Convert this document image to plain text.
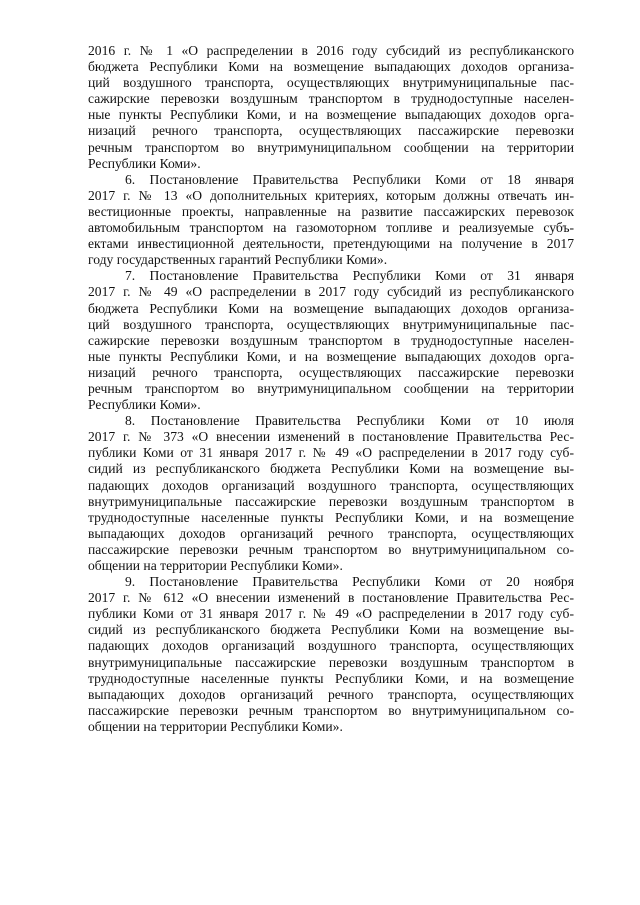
2016 г. № 1 «О распределении в 2016 году субсидий из республиканского
бюджета Республики Коми на возмещение выпадающих доходов организа-
ций воздушного транспорта, осуществляющих внутримуниципальные пас-
сажирские перевозки воздушным транспортом в труднодоступные населен-
ные пункты Республики Коми, и на возмещение выпадающих доходов орга-
низаций речного транспорта, осуществляющих пассажирские перевозки
речным транспортом во внутримуниципальном сообщении на территории
Республики Коми».
6. Постановление Правительства Республики Коми от 18 января
2017 г. № 13 «О дополнительных критериях, которым должны отвечать ин-
вестиционные проекты, направленные на развитие пассажирских перевозок
автомобильным транспортом на газомоторном топливе и реализуемые субъ-
ектами инвестиционной деятельности, претендующими на получение в 2017
году государственных гарантий Республики Коми».
7. Постановление Правительства Республики Коми от 31 января
2017 г. № 49 «О распределении в 2017 году субсидий из республиканского
бюджета Республики Коми на возмещение выпадающих доходов организа-
ций воздушного транспорта, осуществляющих внутримуниципальные пас-
сажирские перевозки воздушным транспортом в труднодоступные населен-
ные пункты Республики Коми, и на возмещение выпадающих доходов орга-
низаций речного транспорта, осуществляющих пассажирские перевозки
речным транспортом во внутримуниципальном сообщении на территории
Республики Коми».
8. Постановление Правительства Республики Коми от 10 июля
2017 г. № 373 «О внесении изменений в постановление Правительства Рес-
публики Коми от 31 января 2017 г. № 49 «О распределении в 2017 году суб-
сидий из республиканского бюджета Республики Коми на возмещение вы-
падающих доходов организаций воздушного транспорта, осуществляющих
внутримуниципальные пассажирские перевозки воздушным транспортом в
труднодоступные населенные пункты Республики Коми, и на возмещение
выпадающих доходов организаций речного транспорта, осуществляющих
пассажирские перевозки речным транспортом во внутримуниципальном со-
общении на территории Республики Коми».
9. Постановление Правительства Республики Коми от 20 ноября
2017 г. № 612 «О внесении изменений в постановление Правительства Рес-
публики Коми от 31 января 2017 г. № 49 «О распределении в 2017 году суб-
сидий из республиканского бюджета Республики Коми на возмещение вы-
падающих доходов организаций воздушного транспорта, осуществляющих
внутримуниципальные пассажирские перевозки воздушным транспортом в
труднодоступные населенные пункты Республики Коми, и на возмещение
выпадающих доходов организаций речного транспорта, осуществляющих
пассажирские перевозки речным транспортом во внутримуниципальном со-
общении на территории Республики Коми».
